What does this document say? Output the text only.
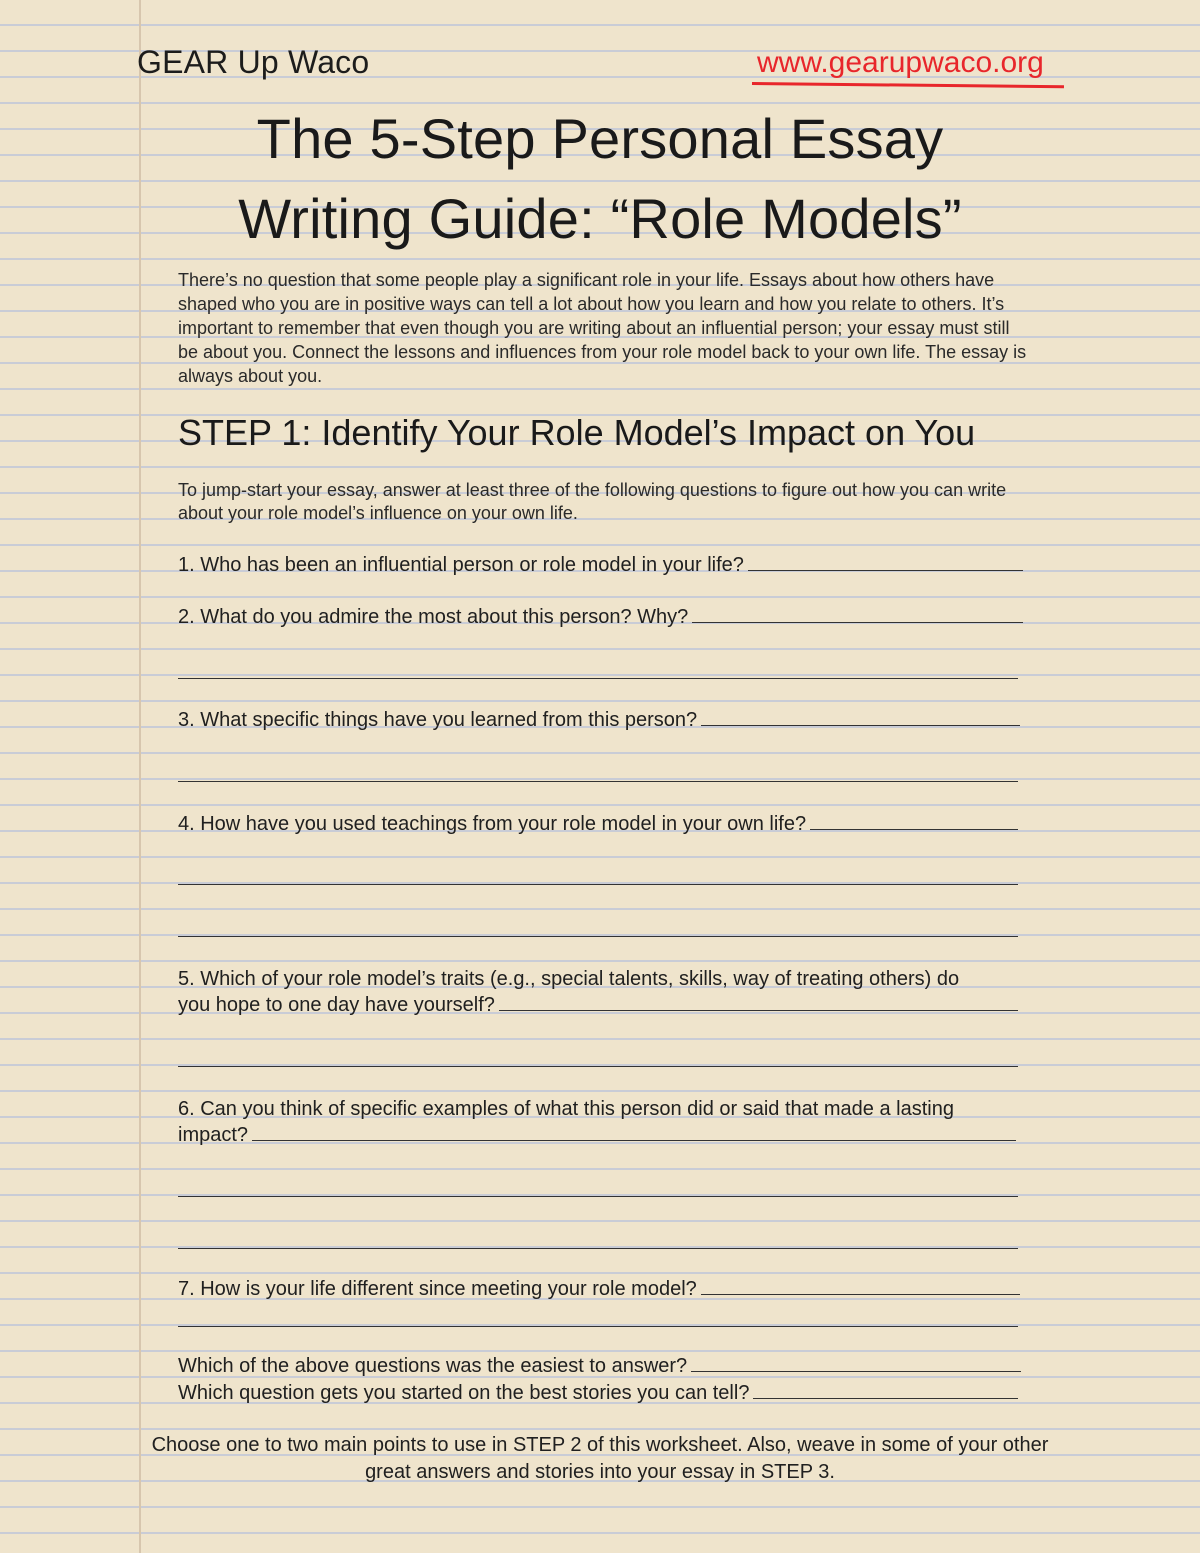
GEAR Up Waco	www.gearupwaco.org
The 5-Step Personal Essay
Writing Guide: “Role Models”
There’s no question that some people play a significant role in your life. Essays about how others have shaped who you are in positive ways can tell a lot about how you learn and how you relate to others. It’s important to remember that even though you are writing about an influential person; your essay must still be about you. Connect the lessons and influences from your role model back to your own life. The essay is always about you.
STEP 1: Identify Your Role Model’s Impact on You
To jump-start your essay, answer at least three of the following questions to figure out how you can write about your role model’s influence on your own life.
1. Who has been an influential person or role model in your life?
2. What do you admire the most about this person? Why?
3. What specific things have you learned from this person?
4. How have you used teachings from your role model in your own life?
5. Which of your role model’s traits (e.g., special talents, skills, way of treating others) do
you hope to one day have yourself?
6. Can you think of specific examples of what this person did or said that made a lasting
impact?
7. How is your life different since meeting your role model?
Which of the above questions was the easiest to answer?
Which question gets you started on the best stories you can tell?
Choose one to two main points to use in STEP 2 of this worksheet. Also, weave in some of your other great answers and stories into your essay in STEP 3.
